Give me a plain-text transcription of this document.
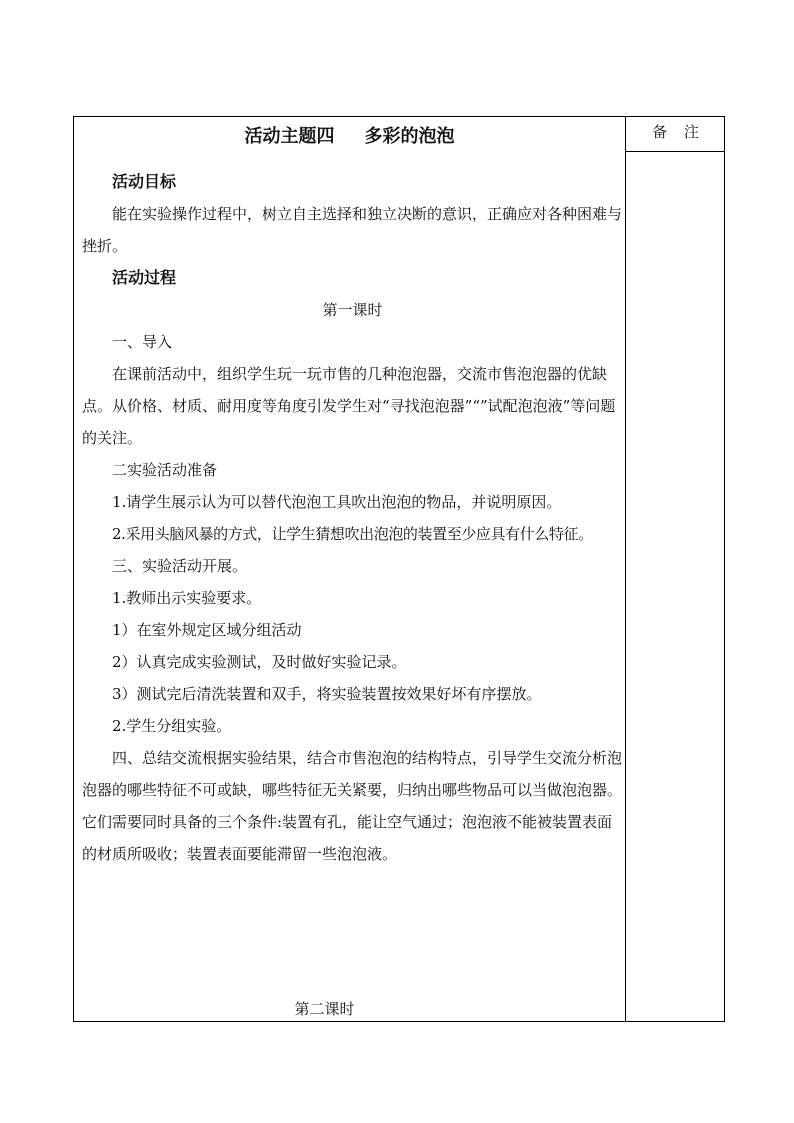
备 注
活动主题四 多彩的泡泡

活动目标

能在实验操作过程中，树立自主选择和独立决断的意识，正确应对各种困难与挫折。

活动过程

第一课时

一、导入

在课前活动中，组织学生玩一玩市售的几种泡泡器，交流市售泡泡器的优缺点。从价格、材质、耐用度等角度引发学生对“寻找泡泡器”“”试配泡泡液”等问题的关注。

二实验活动准备

1.请学生展示认为可以替代泡泡工具吹出泡泡的物品，并说明原因。

2.采用头脑风暴的方式，让学生猜想吹出泡泡的装置至少应具有什么特征。

三、实验活动开展。

1.教师出示实验要求。

1）在室外规定区域分组活动

2）认真完成实验测试，及时做好实验记录。

3）测试完后清洗装置和双手，将实验装置按效果好坏有序摆放。

2.学生分组实验。

四、总结交流根据实验结果，结合市售泡泡的结构特点，引导学生交流分析泡泡器的哪些特征不可或缺，哪些特征无关紧要，归纳出哪些物品可以当做泡泡器。它们需要同时具备的三个条件:装置有孔，能让空气通过；泡泡液不能被装置表面的材质所吸收；装置表面要能滞留一些泡泡液。

第二课时
